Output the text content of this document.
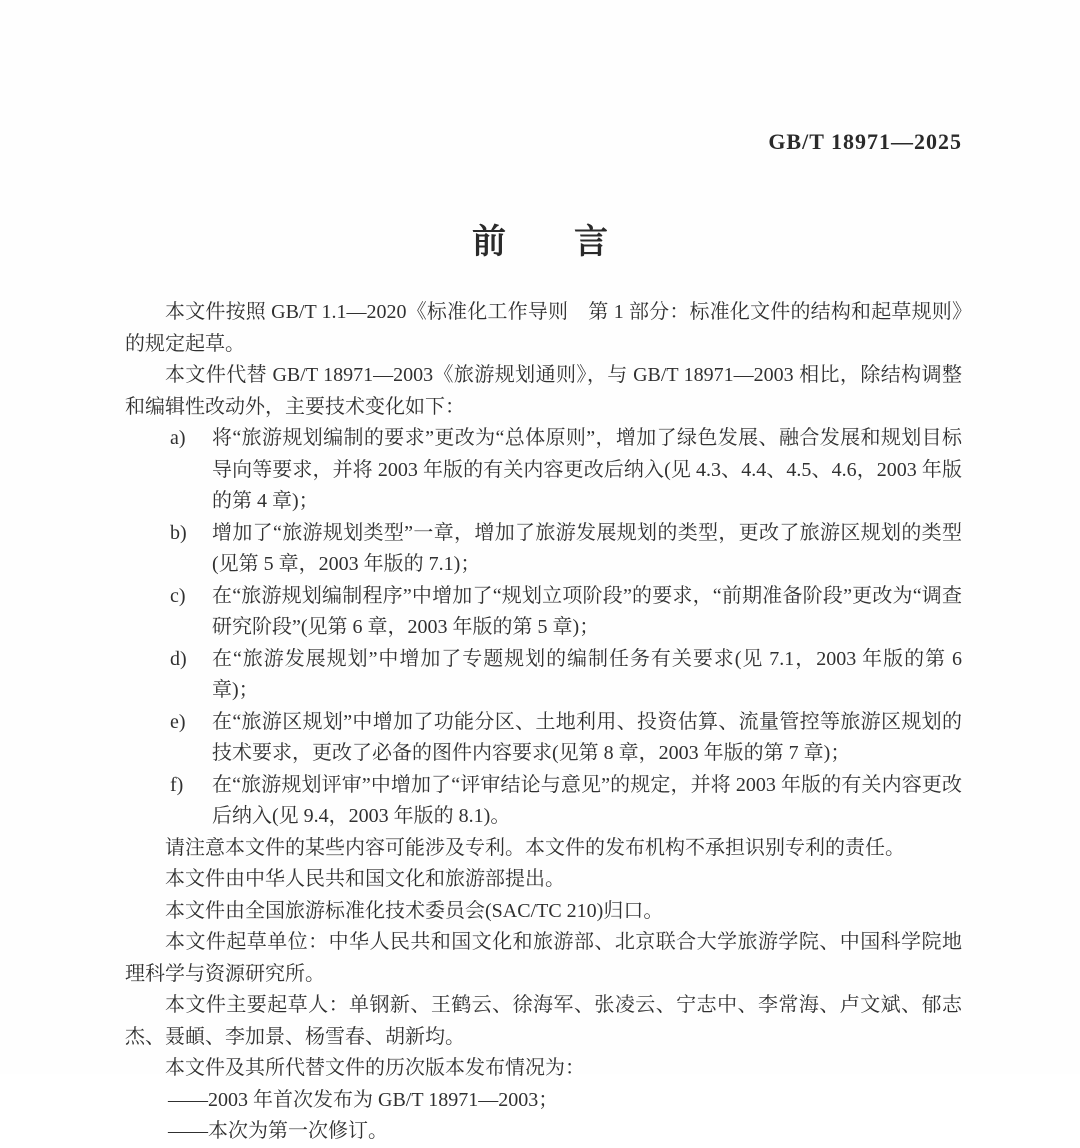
GB/T 18971—2025
前　　言

本文件按照 GB/T 1.1—2020《标准化工作导则　第 1 部分：标准化文件的结构和起草规则》的规定起草。

本文件代替 GB/T 18971—2003《旅游规划通则》，与 GB/T 18971—2003 相比，除结构调整和编辑性改动外，主要技术变化如下：

a)	将“旅游规划编制的要求”更改为“总体原则”，增加了绿色发展、融合发展和规划目标导向等要求，并将 2003 年版的有关内容更改后纳入(见 4.3、4.4、4.5、4.6，2003 年版的第 4 章)；
b)	增加了“旅游规划类型”一章，增加了旅游发展规划的类型，更改了旅游区规划的类型(见第 5 章，2003 年版的 7.1)；
c)	在“旅游规划编制程序”中增加了“规划立项阶段”的要求，“前期准备阶段”更改为“调查研究阶段”(见第 6 章，2003 年版的第 5 章)；
d)	在“旅游发展规划”中增加了专题规划的编制任务有关要求(见 7.1，2003 年版的第 6 章)；
e)	在“旅游区规划”中增加了功能分区、土地利用、投资估算、流量管控等旅游区规划的技术要求，更改了必备的图件内容要求(见第 8 章，2003 年版的第 7 章)；
f)	在“旅游规划评审”中增加了“评审结论与意见”的规定，并将 2003 年版的有关内容更改后纳入(见 9.4，2003 年版的 8.1)。

请注意本文件的某些内容可能涉及专利。本文件的发布机构不承担识别专利的责任。

本文件由中华人民共和国文化和旅游部提出。

本文件由全国旅游标准化技术委员会(SAC/TC 210)归口。

本文件起草单位：中华人民共和国文化和旅游部、北京联合大学旅游学院、中国科学院地理科学与资源研究所。

本文件主要起草人：单钢新、王鹤云、徐海军、张凌云、宁志中、李常海、卢文斌、郁志杰、聂頔、李加景、杨雪春、胡新均。

本文件及其所代替文件的历次版本发布情况为：

——2003 年首次发布为 GB/T 18971—2003；

——本次为第一次修订。
